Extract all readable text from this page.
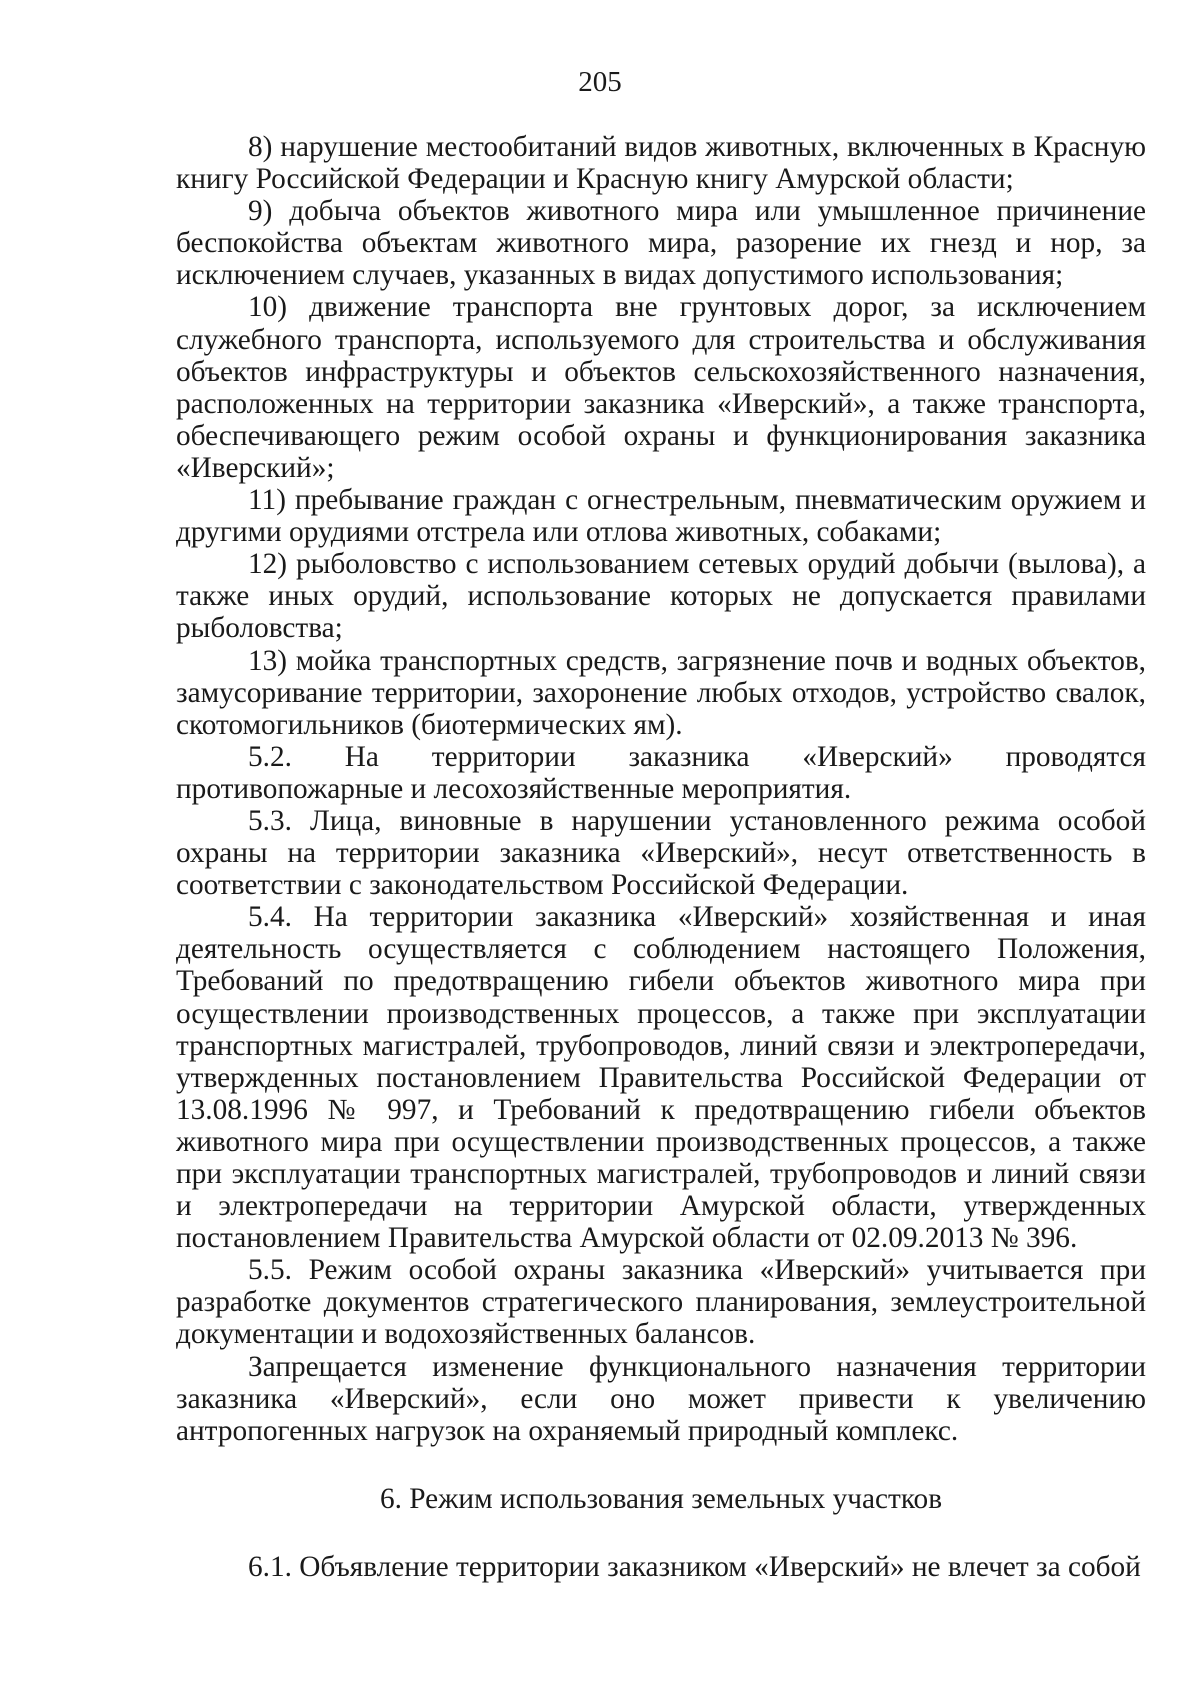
205

8) нарушение местообитаний видов животных, включенных в Красную книгу Российской Федерации и Красную книгу Амурской области;

9) добыча объектов животного мира или умышленное причинение беспокойства объектам животного мира, разорение их гнезд и нор, за исключением случаев, указанных в видах допустимого использования;

10) движение транспорта вне грунтовых дорог, за исключением служебного транспорта, используемого для строительства и обслуживания объектов инфраструктуры и объектов сельскохозяйственного назначения, расположенных на территории заказника «Иверский», а также транспорта, обеспечивающего режим особой охраны и функционирования заказника «Иверский»;

11) пребывание граждан с огнестрельным, пневматическим оружием и другими орудиями отстрела или отлова животных, собаками;

12) рыболовство с использованием сетевых орудий добычи (вылова), а также иных орудий, использование которых не допускается правилами рыболовства;

13) мойка транспортных средств, загрязнение почв и водных объектов, замусоривание территории, захоронение любых отходов, устройство свалок, скотомогильников (биотермических ям).

5.2. На территории заказника «Иверский» проводятся противопожарные и лесохозяйственные мероприятия.

5.3. Лица, виновные в нарушении установленного режима особой охраны на территории заказника «Иверский», несут ответственность в соответствии с законодательством Российской Федерации.

5.4. На территории заказника «Иверский» хозяйственная и иная деятельность осуществляется с соблюдением настоящего Положения, Требований по предотвращению гибели объектов животного мира при осуществлении производственных процессов, а также при эксплуатации транспортных магистралей, трубопроводов, линий связи и электропередачи, утвержденных постановлением Правительства Российской Федерации от 13.08.1996 № 997, и Требований к предотвращению гибели объектов животного мира при осуществлении производственных процессов, а также при эксплуатации транспортных магистралей, трубопроводов и линий связи и электропередачи на территории Амурской области, утвержденных постановлением Правительства Амурской области от 02.09.2013 № 396.

5.5. Режим особой охраны заказника «Иверский» учитывается при разработке документов стратегического планирования, землеустроительной документации и водохозяйственных балансов.

Запрещается изменение функционального назначения территории заказника «Иверский», если оно может привести к увеличению антропогенных нагрузок на охраняемый природный комплекс.

6. Режим использования земельных участков

6.1. Объявление территории заказником «Иверский» не влечет за собой
